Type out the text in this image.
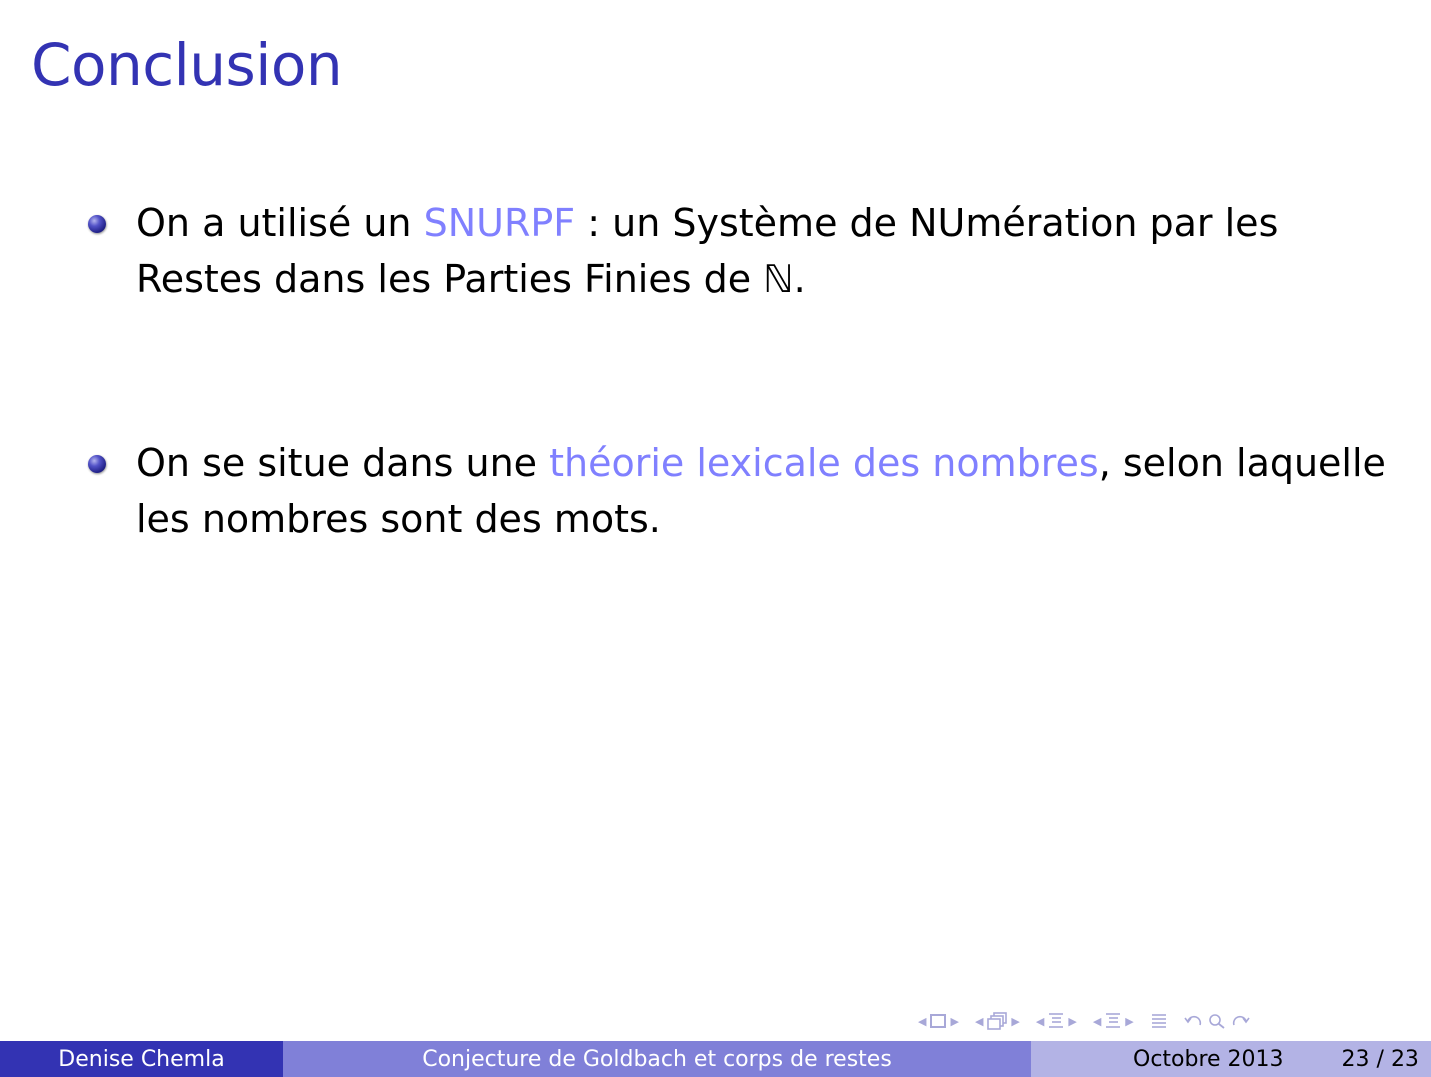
Conclusion
On a utilisé un SNURPF : un Système de NUmération par les Restes dans les Parties Finies de ℕ.
On se situe dans une théorie lexicale des nombres, selon laquelle les nombres sont des mots.
◀ ▶ ◀	▶ ◀ ▶ ◀ ▶
Denise Chemla	Conjecture de Goldbach et corps de restes	Octobre 2013	23 / 23
